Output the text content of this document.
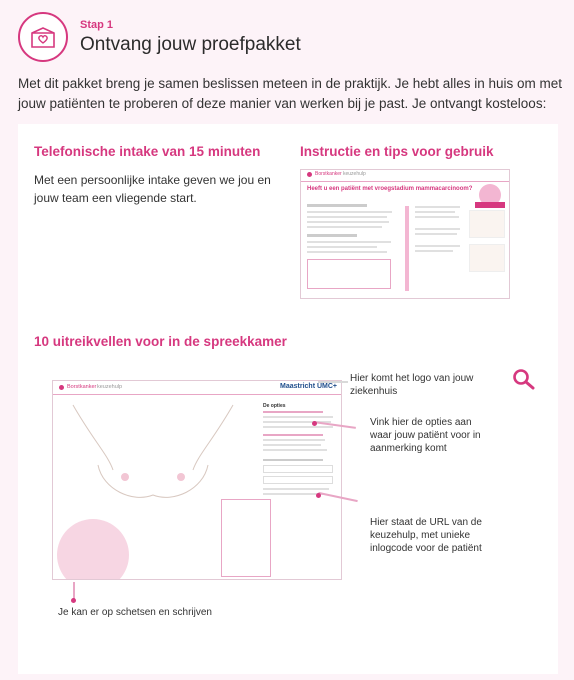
Stap 1
Ontvang jouw proefpakket

Met dit pakket breng je samen beslissen meteen in de praktijk. Je hebt alles in huis om met jouw patiënten te proberen of deze manier van werken bij je past. Je ontvangt kosteloos:

Telefonische intake van 15 minuten
Met een persoonlijke intake geven we jou en jouw team een vliegende start.
Instructie en tips voor gebruik
Borstkanker keuzehulp
Heeft u een patiënt met vroegstadium mammacarcinoom?
10 uitreikvellen voor in de spreekkamer
Borstkanker keuzehulp	Maastricht UMC+
De opties
Hier komt het logo van jouw ziekenhuis
Vink hier de opties aan waar jouw patiënt voor in aanmerking komt
Hier staat de URL van de keuzehulp, met unieke inlogcode voor de patiënt
Je kan er op schetsen en schrijven
